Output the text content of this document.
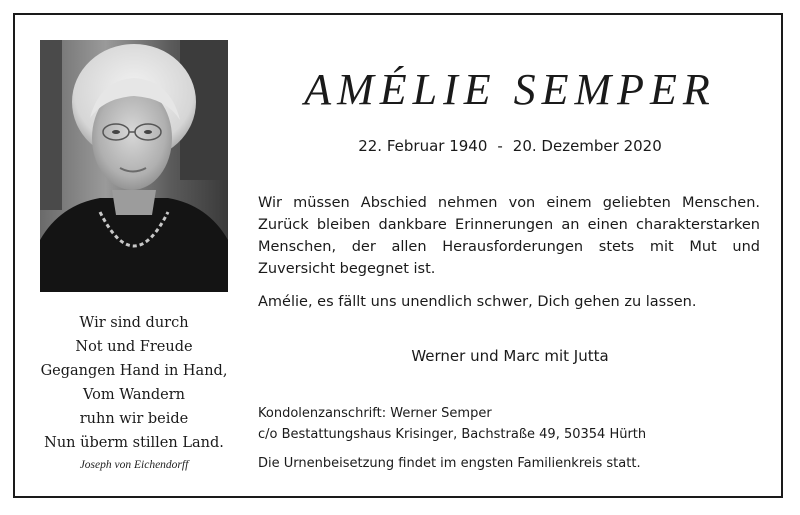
Wir sind durch
Not und Freude
Gegangen Hand in Hand,
Vom Wandern
ruhn wir beide
Nun überm stillen Land.
Joseph von Eichendorff
AMÉLIE SEMPER
22. Februar 1940 - 20. Dezember 2020
Wir müssen Abschied nehmen von einem geliebten Menschen. Zurück bleiben dankbare Erinnerungen an einen charakterstarken Menschen, der allen Herausforderungen stets mit Mut und Zuversicht begegnet ist.
Amélie, es fällt uns unendlich schwer, Dich gehen zu lassen.
Werner und Marc mit Jutta
Kondolenzanschrift: Werner Semper
c/o Bestattungshaus Krisinger, Bachstraße 49, 50354 Hürth
Die Urnenbeisetzung findet im engsten Familienkreis statt.
